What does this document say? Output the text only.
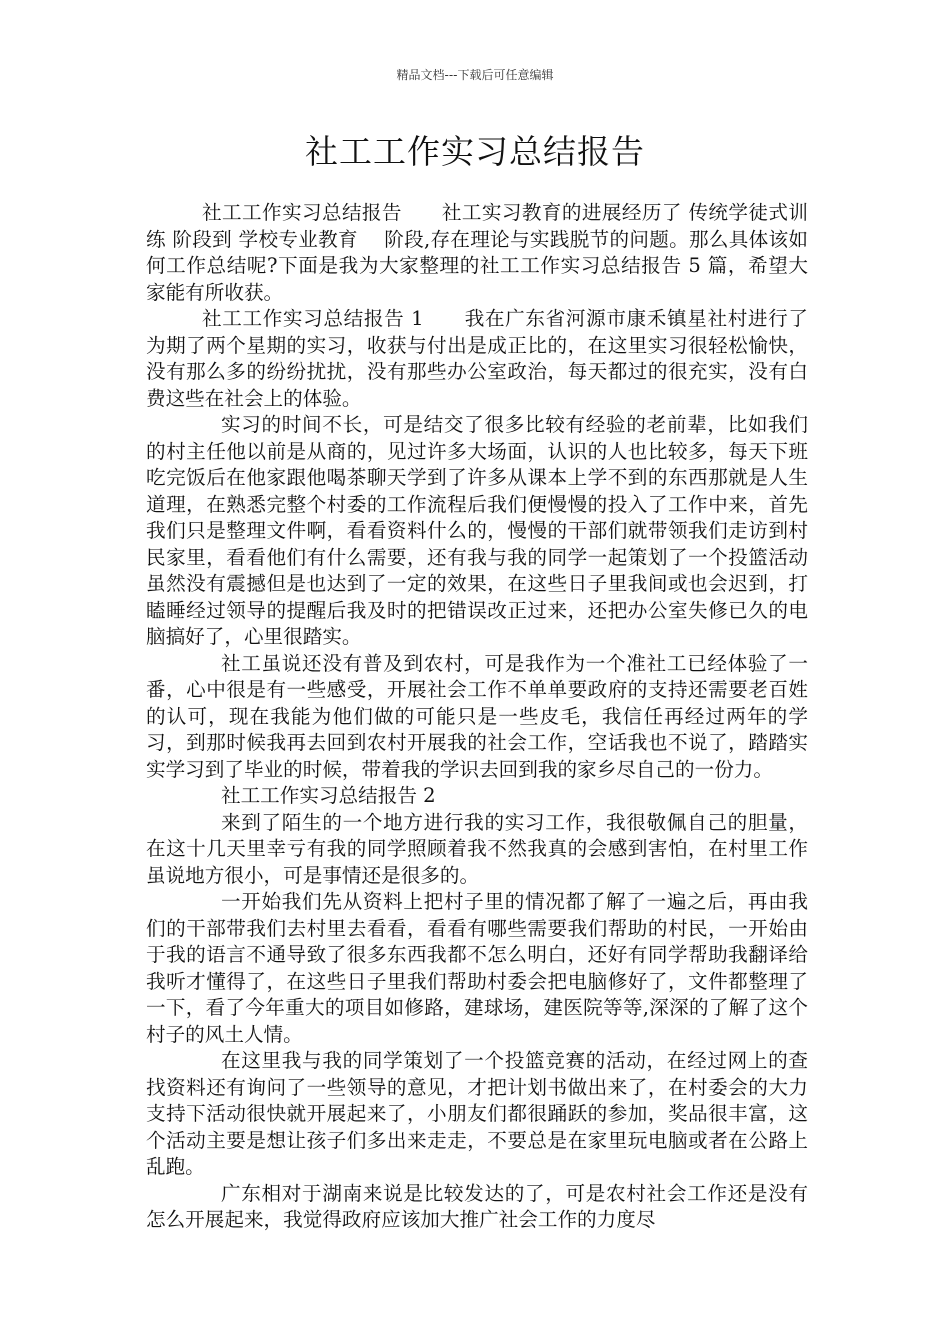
精品文档---下载后可任意编辑
社工工作实习总结报告

社工工作实习总结报告　　社工实习教育的进展经历了 传统学徒式训练 阶段到 学校专业教育　 阶段,存在理论与实践脱节的问题。那么具体该如何工作总结呢?下面是我为大家整理的社工工作实习总结报告 5 篇，希望大家能有所收获。

社工工作实习总结报告 1　　我在广东省河源市康禾镇星社村进行了为期了两个星期的实习，收获与付出是成正比的，在这里实习很轻松愉快，没有那么多的纷纷扰扰，没有那些办公室政治，每天都过的很充实，没有白费这些在社会上的体验。

实习的时间不长，可是结交了很多比较有经验的老前辈，比如我们的村主任他以前是从商的，见过许多大场面，认识的人也比较多，每天下班吃完饭后在他家跟他喝茶聊天学到了许多从课本上学不到的东西那就是人生道理，在熟悉完整个村委的工作流程后我们便慢慢的投入了工作中来，首先我们只是整理文件啊，看看资料什么的，慢慢的干部们就带领我们走访到村民家里，看看他们有什么需要，还有我与我的同学一起策划了一个投篮活动虽然没有震撼但是也达到了一定的效果，在这些日子里我间或也会迟到，打瞌睡经过领导的提醒后我及时的把错误改正过来，还把办公室失修已久的电脑搞好了，心里很踏实。

社工虽说还没有普及到农村，可是我作为一个准社工已经体验了一番，心中很是有一些感受，开展社会工作不单单要政府的支持还需要老百姓的认可，现在我能为他们做的可能只是一些皮毛，我信任再经过两年的学习，到那时候我再去回到农村开展我的社会工作，空话我也不说了，踏踏实实学习到了毕业的时候，带着我的学识去回到我的家乡尽自己的一份力。

社工工作实习总结报告 2

来到了陌生的一个地方进行我的实习工作，我很敬佩自己的胆量，在这十几天里幸亏有我的同学照顾着我不然我真的会感到害怕，在村里工作虽说地方很小，可是事情还是很多的。

一开始我们先从资料上把村子里的情况都了解了一遍之后，再由我们的干部带我们去村里去看看，看看有哪些需要我们帮助的村民，一开始由于我的语言不通导致了很多东西我都不怎么明白，还好有同学帮助我翻译给我听才懂得了，在这些日子里我们帮助村委会把电脑修好了，文件都整理了一下，看了今年重大的项目如修路，建球场，建医院等等,深深的了解了这个村子的风土人情。

在这里我与我的同学策划了一个投篮竞赛的活动，在经过网上的查找资料还有询问了一些领导的意见，才把计划书做出来了，在村委会的大力支持下活动很快就开展起来了，小朋友们都很踊跃的参加，奖品很丰富，这个活动主要是想让孩子们多出来走走，不要总是在家里玩电脑或者在公路上乱跑。

广东相对于湖南来说是比较发达的了，可是农村社会工作还是没有怎么开展起来，我觉得政府应该加大推广社会工作的力度尽
